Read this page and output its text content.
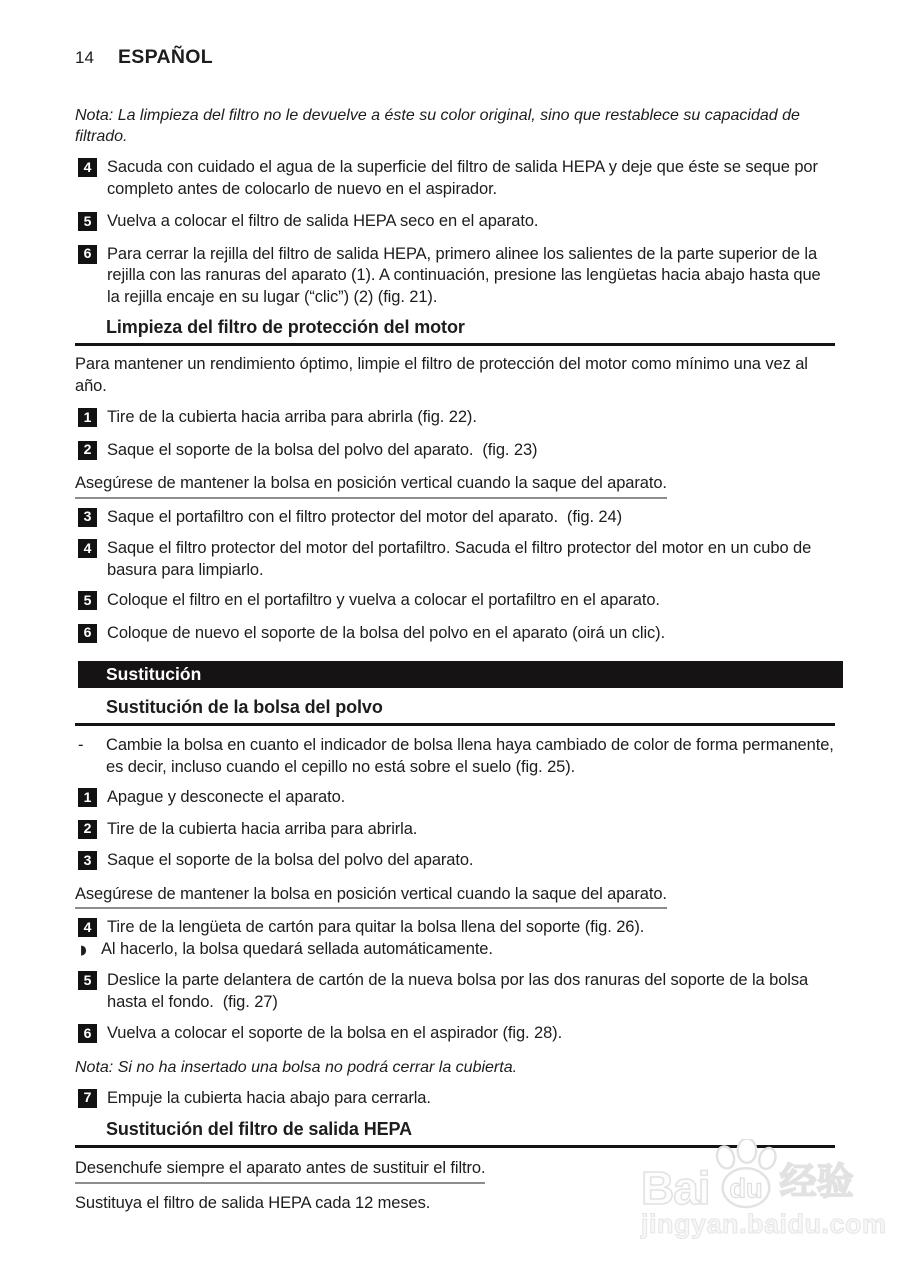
14	ESPAÑOL
Nota: La limpieza del filtro no le devuelve a éste su color original, sino que restablece su capacidad de filtrado.
4 Sacuda con cuidado el agua de la superficie del filtro de salida HEPA y deje que éste se seque por completo antes de colocarlo de nuevo en el aspirador.
5 Vuelva a colocar el filtro de salida HEPA seco en el aparato.
6 Para cerrar la rejilla del filtro de salida HEPA, primero alinee los salientes de la parte superior de la rejilla con las ranuras del aparato (1). A continuación, presione las lengüetas hacia abajo hasta que la rejilla encaje en su lugar (“clic”) (2) (fig. 21).
Limpieza del filtro de protección del motor
Para mantener un rendimiento óptimo, limpie el filtro de protección del motor como mínimo una vez al año.
1 Tire de la cubierta hacia arriba para abrirla (fig. 22).
2 Saque el soporte de la bolsa del polvo del aparato.  (fig. 23)
Asegúrese de mantener la bolsa en posición vertical cuando la saque del aparato.
3 Saque el portafiltro con el filtro protector del motor del aparato.  (fig. 24)
4 Saque el filtro protector del motor del portafiltro. Sacuda el filtro protector del motor en un cubo de basura para limpiarlo.
5 Coloque el filtro en el portafiltro y vuelva a colocar el portafiltro en el aparato.
6 Coloque de nuevo el soporte de la bolsa del polvo en el aparato (oirá un clic).
Sustitución
Sustitución de la bolsa del polvo
-	Cambie la bolsa en cuanto el indicador de bolsa llena haya cambiado de color de forma permanente, es decir, incluso cuando el cepillo no está sobre el suelo (fig. 25).
1 Apague y desconecte el aparato.
2 Tire de la cubierta hacia arriba para abrirla.
3 Saque el soporte de la bolsa del polvo del aparato.
Asegúrese de mantener la bolsa en posición vertical cuando la saque del aparato.
4 Tire de la lengüeta de cartón para quitar la bolsa llena del soporte (fig. 26).
◗ Al hacerlo, la bolsa quedará sellada automáticamente.
5 Deslice la parte delantera de cartón de la nueva bolsa por las dos ranuras del soporte de la bolsa hasta el fondo.  (fig. 27)
6 Vuelva a colocar el soporte de la bolsa en el aspirador (fig. 28).
Nota: Si no ha insertado una bolsa no podrá cerrar la cubierta.
7 Empuje la cubierta hacia abajo para cerrarla.
Sustitución del filtro de salida HEPA
Desenchufe siempre el aparato antes de sustituir el filtro.
Sustituya el filtro de salida HEPA cada 12 meses.	Bai du 经验
jingyan.baidu.com
